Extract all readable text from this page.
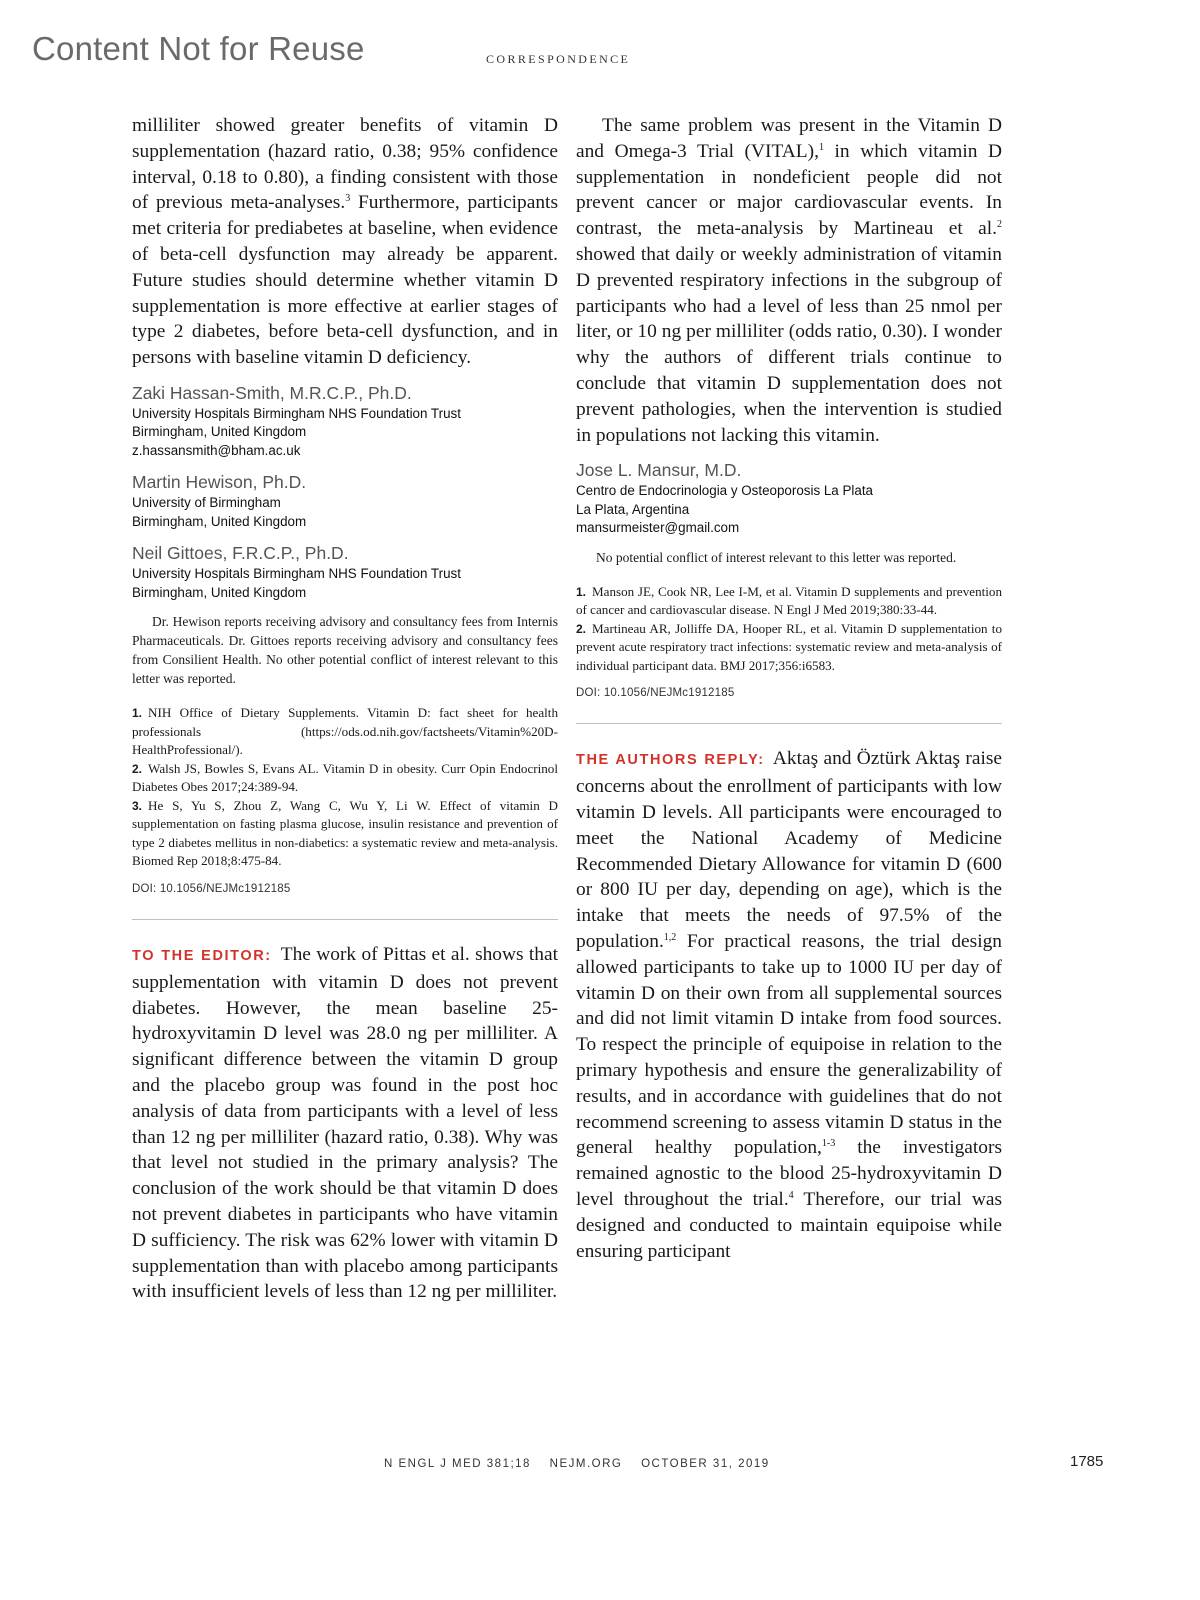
Content Not for Reuse	CORRESPONDENCE

milliliter showed greater benefits of vitamin D supplementation (hazard ratio, 0.38; 95% confidence interval, 0.18 to 0.80), a finding consistent with those of previous meta-analyses.$^3$ Furthermore, participants met criteria for prediabetes at baseline, when evidence of beta-cell dysfunction may already be apparent. Future studies should determine whether vitamin D supplementation is more effective at earlier stages of type 2 diabetes, before beta-cell dysfunction, and in persons with baseline vitamin D deficiency.

Zaki Hassan-Smith, M.R.C.P., Ph.D.
University Hospitals Birmingham NHS Foundation Trust
Birmingham, United Kingdom
z.hassansmith@bham.ac.uk
Martin Hewison, Ph.D.
University of Birmingham
Birmingham, United Kingdom
Neil Gittoes, F.R.C.P., Ph.D.
University Hospitals Birmingham NHS Foundation Trust
Birmingham, United Kingdom

Dr. Hewison reports receiving advisory and consultancy fees from Internis Pharmaceuticals. Dr. Gittoes reports receiving advisory and consultancy fees from Consilient Health. No other potential conflict of interest relevant to this letter was reported.

1. NIH Office of Dietary Supplements. Vitamin D: fact sheet for health professionals (https://ods.od.nih.gov/factsheets/Vitamin%20D-HealthProfessional/).

2. Walsh JS, Bowles S, Evans AL. Vitamin D in obesity. Curr Opin Endocrinol Diabetes Obes 2017;24:389-94.

3. He S, Yu S, Zhou Z, Wang C, Wu Y, Li W. Effect of vitamin D supplementation on fasting plasma glucose, insulin resistance and prevention of type 2 diabetes mellitus in non-diabetics: a systematic review and meta-analysis. Biomed Rep 2018;8:475-84.

DOI: 10.1056/NEJMc1912185

TO THE EDITOR: The work of Pittas et al. shows that supplementation with vitamin D does not prevent diabetes. However, the mean baseline 25-hydroxyvitamin D level was 28.0 ng per milliliter. A significant difference between the vitamin D group and the placebo group was found in the post hoc analysis of data from participants with a level of less than 12 ng per milliliter (hazard ratio, 0.38). Why was that level not studied in the primary analysis? The conclusion of the work should be that vitamin D does not prevent diabetes in participants who have vitamin D sufficiency. The risk was 62% lower with vitamin D supplementation than with placebo among participants with insufficient levels of less than 12 ng per milliliter.

The same problem was present in the Vitamin D and Omega-3 Trial (VITAL),$^1$ in which vitamin D supplementation in nondeficient people did not prevent cancer or major cardiovascular events. In contrast, the meta-analysis by Martineau et al.$^2$ showed that daily or weekly administration of vitamin D prevented respiratory infections in the subgroup of participants who had a level of less than 25 nmol per liter, or 10 ng per milliliter (odds ratio, 0.30). I wonder why the authors of different trials continue to conclude that vitamin D supplementation does not prevent pathologies, when the intervention is studied in populations not lacking this vitamin.

Jose L. Mansur, M.D.
Centro de Endocrinologia y Osteoporosis La Plata
La Plata, Argentina
mansurmeister@gmail.com

No potential conflict of interest relevant to this letter was reported.

1. Manson JE, Cook NR, Lee I-M, et al. Vitamin D supplements and prevention of cancer and cardiovascular disease. N Engl J Med 2019;380:33-44.

2. Martineau AR, Jolliffe DA, Hooper RL, et al. Vitamin D supplementation to prevent acute respiratory tract infections: systematic review and meta-analysis of individual participant data. BMJ 2017;356:i6583.

DOI: 10.1056/NEJMc1912185

THE AUTHORS REPLY: Aktaş and Öztürk Aktaş raise concerns about the enrollment of participants with low vitamin D levels. All participants were encouraged to meet the National Academy of Medicine Recommended Dietary Allowance for vitamin D (600 or 800 IU per day, depending on age), which is the intake that meets the needs of 97.5% of the population.$^{1,2}$ For practical reasons, the trial design allowed participants to take up to 1000 IU per day of vitamin D on their own from all supplemental sources and did not limit vitamin D intake from food sources. To respect the principle of equipoise in relation to the primary hypothesis and ensure the generalizability of results, and in accordance with guidelines that do not recommend screening to assess vitamin D status in the general healthy population,$^{1-3}$ the investigators remained agnostic to the blood 25-hydroxyvitamin D level throughout the trial.$^4$ Therefore, our trial was designed and conducted to maintain equipoise while ensuring participant

N ENGL J MED 381;18 NEJM.ORG OCTOBER 31, 2019	1785
